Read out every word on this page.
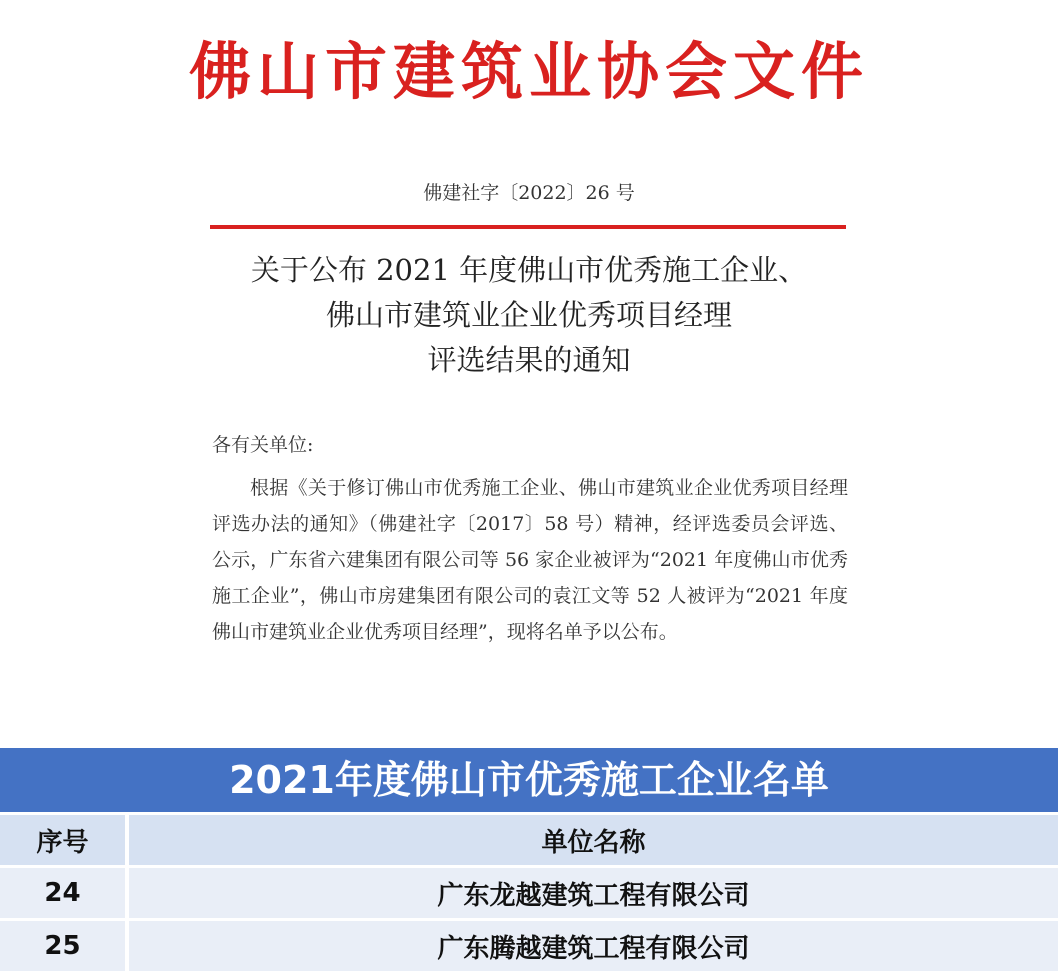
佛山市建筑业协会文件
佛建社字〔2022〕26 号
关于公布 2021 年度佛山市优秀施工企业、
佛山市建筑业企业优秀项目经理
评选结果的通知
各有关单位:
根据《关于修订佛山市优秀施工企业、佛山市建筑业企业优秀项目经理评选办法的通知》（佛建社字〔2017〕58 号）精神，经评选委员会评选、公示，广东省六建集团有限公司等 56 家企业被评为“2021 年度佛山市优秀施工企业”，佛山市房建集团有限公司的袁江文等 52 人被评为“2021 年度佛山市建筑业企业优秀项目经理”，现将名单予以公布。
2021年度佛山市优秀施工企业名单
序号	单位名称
24	广东龙越建筑工程有限公司
25	广东腾越建筑工程有限公司
